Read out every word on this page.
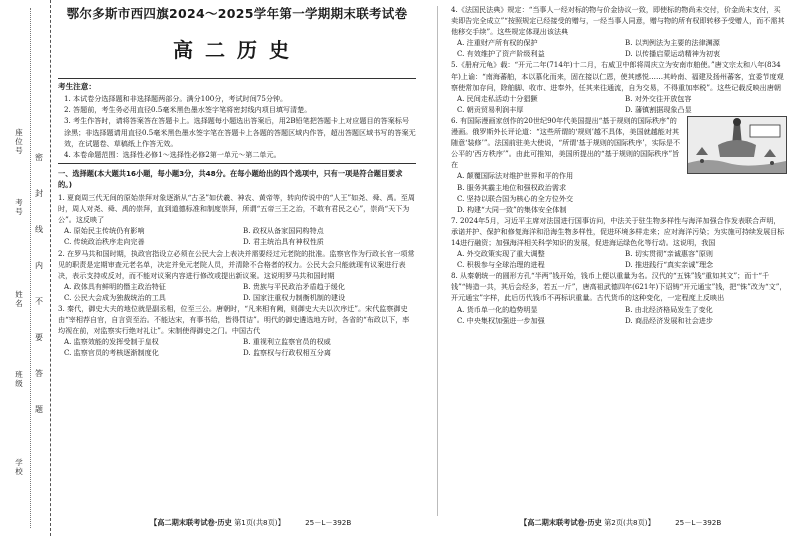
座位号
考号
姓名
班级
学校
密
封
线
内
不
要
答
题
鄂尔多斯市西四旗2024～2025学年第一学期期末联考试卷
高二历史
考生注意：

1. 本试卷分选择题和非选择题两部分。满分100分，考试时间75分钟。

2. 答题前，考生务必用直径0.5毫米黑色墨水签字笔将密封线内项目填写清楚。

3. 考生作答时，请将答案答在答题卡上。选择题每小题选出答案后，用2B铅笔把答题卡上对应题目的答案标号涂黑；非选择题请用直径0.5毫米黑色墨水签字笔在答题卡上各题的答题区域内作答，超出答题区域书写的答案无效，在试题卷、草稿纸上作答无效。

4. 本卷命题范围：选择性必修1～选择性必修2第一单元～第二单元。

一、选择题(本大题共16小题，每小题3分，共48分。在每小题给出的四个选项中，只有一项是符合题目要求的。)

1. 夏商周三代无间的原始崇拜对象逐渐从“古圣”如伏羲、神农、黄帝等，转向传说中的“人王”如尧、舜、禹。至周时，周人对尧、舜、禹的崇拜，直到道德标准和制度崇拜，所谓“五帝三王之治，不敢有君民之心”，崇尚“天下为公”。这反映了

A. 原始民主传统仍有影响	B. 政权从备家国同构特点
C. 传统政治秩序走向完善	D. 君主统治具有神权性质

2. 在罗马共和国时期，执政官指设立必须在公民大会上表决并需要经过元老院的批准。监察官作为行政长官一项常见的职责是定期审查元老名单，决定并免元老院人员，并清除不合格者的权力。公民大会只能就现有议案进行表决，表示支持或反对，而不能对议案内容进行修改或提出新议案。这说明罗马共和国时期

A. 政体具有鲜明的僭主政治特征	B. 贵族与平民政治矛盾趋于缓化
C. 公民大会成为独裁统治的工具	D. 国家注重权力制衡机制的建设

3. 秦代，御史大夫的地位就是副丞相，位至三公。唐朝时，“凡来相有阙，则御史大夫以次序迁”。宋代监察御史由“宰相荐自官，自言资至治。不能达宋，有事书给，皆得罚诘”。明代的御史遴选地方时，各省的“布政以下，率均视在前，对监察实行绝对礼让”。宋制使得御史之门。中国古代

A. 监察效能的发挥受制于皇权	B. 重视利立监察官员的权威
C. 监察官员的考核逐渐制度化	D. 监察权与行政权相互分离
【高二期末联考试卷·历史 第1页(共8页)】	25－L－392B

4.《法国民法典》规定：“当事人一经对标的物与价金协议一致，即使标的物尚未交付，价金尚未支付，买卖即告完全成立”“按照规定已经接受的赠与，一经当事人同意，赠与物的所有权即转移予受赠人，而不需其他移交手续”。这些规定体现出该法典

A. 注重财产所有权的保护	B. 以判例法为主要的法律渊源
C. 有效维护了资产阶级利益	D. 以传播启蒙运动精神为初衷

5.《册府元龟》载：“开元二年(714年)十二月，右威卫中郎将周庆立为安南市舶使。”唐文宗太和八年(834年)上谕：“南海蕃舶，本以慕化而来，固在接以仁恩，使其感悦……其岭南、福建及扬州蕃客，宜委节度观察使常加存问，除舶脚、收市、进奉外，任其来往通流，自为交易，不得重加率税”。这些记载反映出唐朝

A. 民间走私活动十分猖獗	B. 对外交往开放包容
C. 朝贡贸易利润丰厚	D. 藩镇割据现象凸显

6. 有国际漫画家创作的20世纪90年代美国提出“基于规则的国际秩序”的漫画。俄罗斯外长评论道：“这些所谓的‘规则’越不具体，美国就越能对其随意‘装修’”。法国前驻美大使说，“所谓‘基于规则的国际秩序’，实际是不公平的‘西方秩序’”。由此可推知，美国所提出的“基于规则的国际秩序”旨在

A. 颠覆国际法对维护世界和平的作用
B. 服务其霸主地位和强权政治需求
C. 坚持以联合国为核心的全方位外交
D. 构建“大同一致”的集体安全体制

7. 2024年5月，习近平主席对法国进行国事访问，中法关于驻生物多样性与海洋加强合作发表联合声明，承诺并护、保护和修复海洋和沿海生物多样性，促进环境多样走来；应对海洋污染；为实施可持续发展目标14进行融资；加强海洋相关科学知识的发展，促进海运绿色化等行动。这说明，我国

A. 外交政策实现了重大调整	B. 切实贯彻“亲诚惠容”原则
C. 积极参与全球治理的进程	D. 推进践行“真实亲诚”理念

8. 从秦朝统一的圆形方孔“半两”钱开始，钱币上便以重量为名。汉代的“五铢”钱“重如其文”；而十“千钱”“铸造一共，其后会经多，若五一斤”，唐高祖武德四年(621年)下诏铸“开元通宝”钱，把“铢”改为“文”，开元通宝”字样，此后历代钱币不再标识重量。古代货币的这种变化，一定程度上反映出

A. 货币单一化的趋势明显	B. 由北经济格局发生了变化
C. 中央集权加强进一步加强	D. 商品经济发展和社会进步
【高二期末联考试卷·历史 第2页(共8页)】	25－L－392B
